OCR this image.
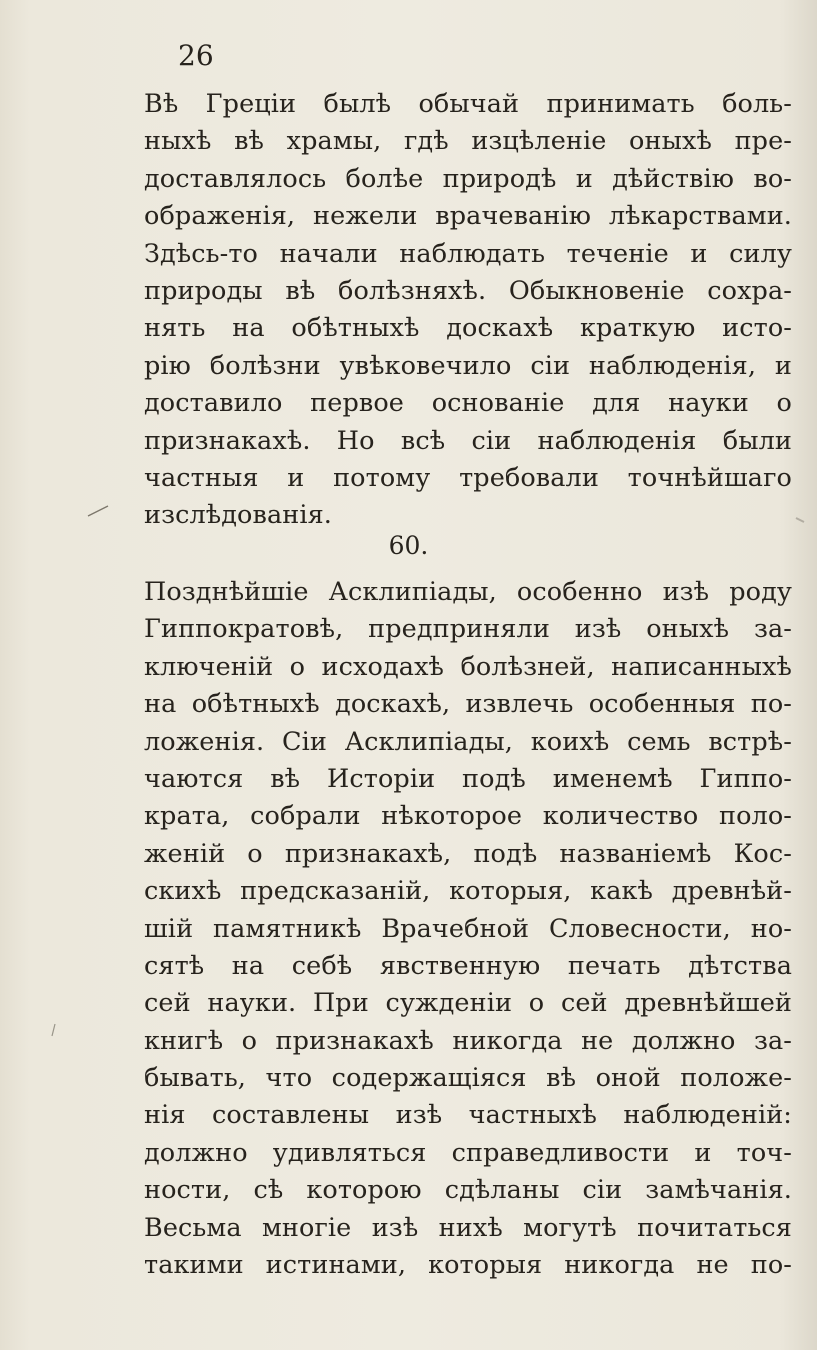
26
Вѣ Греціи былѣ обычай принимать боль-
ныхѣ вѣ храмы, гдѣ изцѣленіе оныхѣ пре-
доставлялось болѣе природѣ и дѣйствію во-
ображенія, нежели врачеванію лѣкарствами.
Здѣсь-то начали наблюдать теченіе и силу
природы вѣ болѣзняхѣ. Обыкновеніе сохра-
нять на обѣтныхѣ доскахѣ краткую исто-
рію болѣзни увѣковечило сіи наблюденія, и
доставило первое основаніе для науки о
признакахѣ. Но всѣ сіи наблюденія были
частныя и потому требовали точнѣйшаго
изслѣдованія.
60.
Позднѣйшіе Асклипіады, особенно изѣ роду
Гиппократовѣ, предприняли изѣ оныхѣ за-
ключеній о исходахѣ болѣзней, написанныхѣ
на обѣтныхѣ доскахѣ, извлечь особенныя по-
ложенія. Сіи Асклипіады, коихѣ семь встрѣ-
чаются вѣ Исторіи подѣ именемѣ Гиппо-
крата, собрали нѣкоторое количество поло-
женій о признакахѣ, подѣ названіемѣ Кос-
скихѣ предсказаній, которыя, какѣ древнѣй-
шій памятникѣ Врачебной Словесности, но-
сятѣ на себѣ явственную печать дѣтства
сей науки. При сужденіи о сей древнѣйшей
книгѣ о признакахѣ никогда не должно за-
бывать, что содержащіяся вѣ оной положе-
нія составлены изѣ частныхѣ наблюденій:
должно удивляться справедливости и точ-
ности, сѣ которою сдѣланы сіи замѣчанія.
Весьма многіе изѣ нихѣ могутѣ почитаться
такими истинами, которыя никогда не по-
